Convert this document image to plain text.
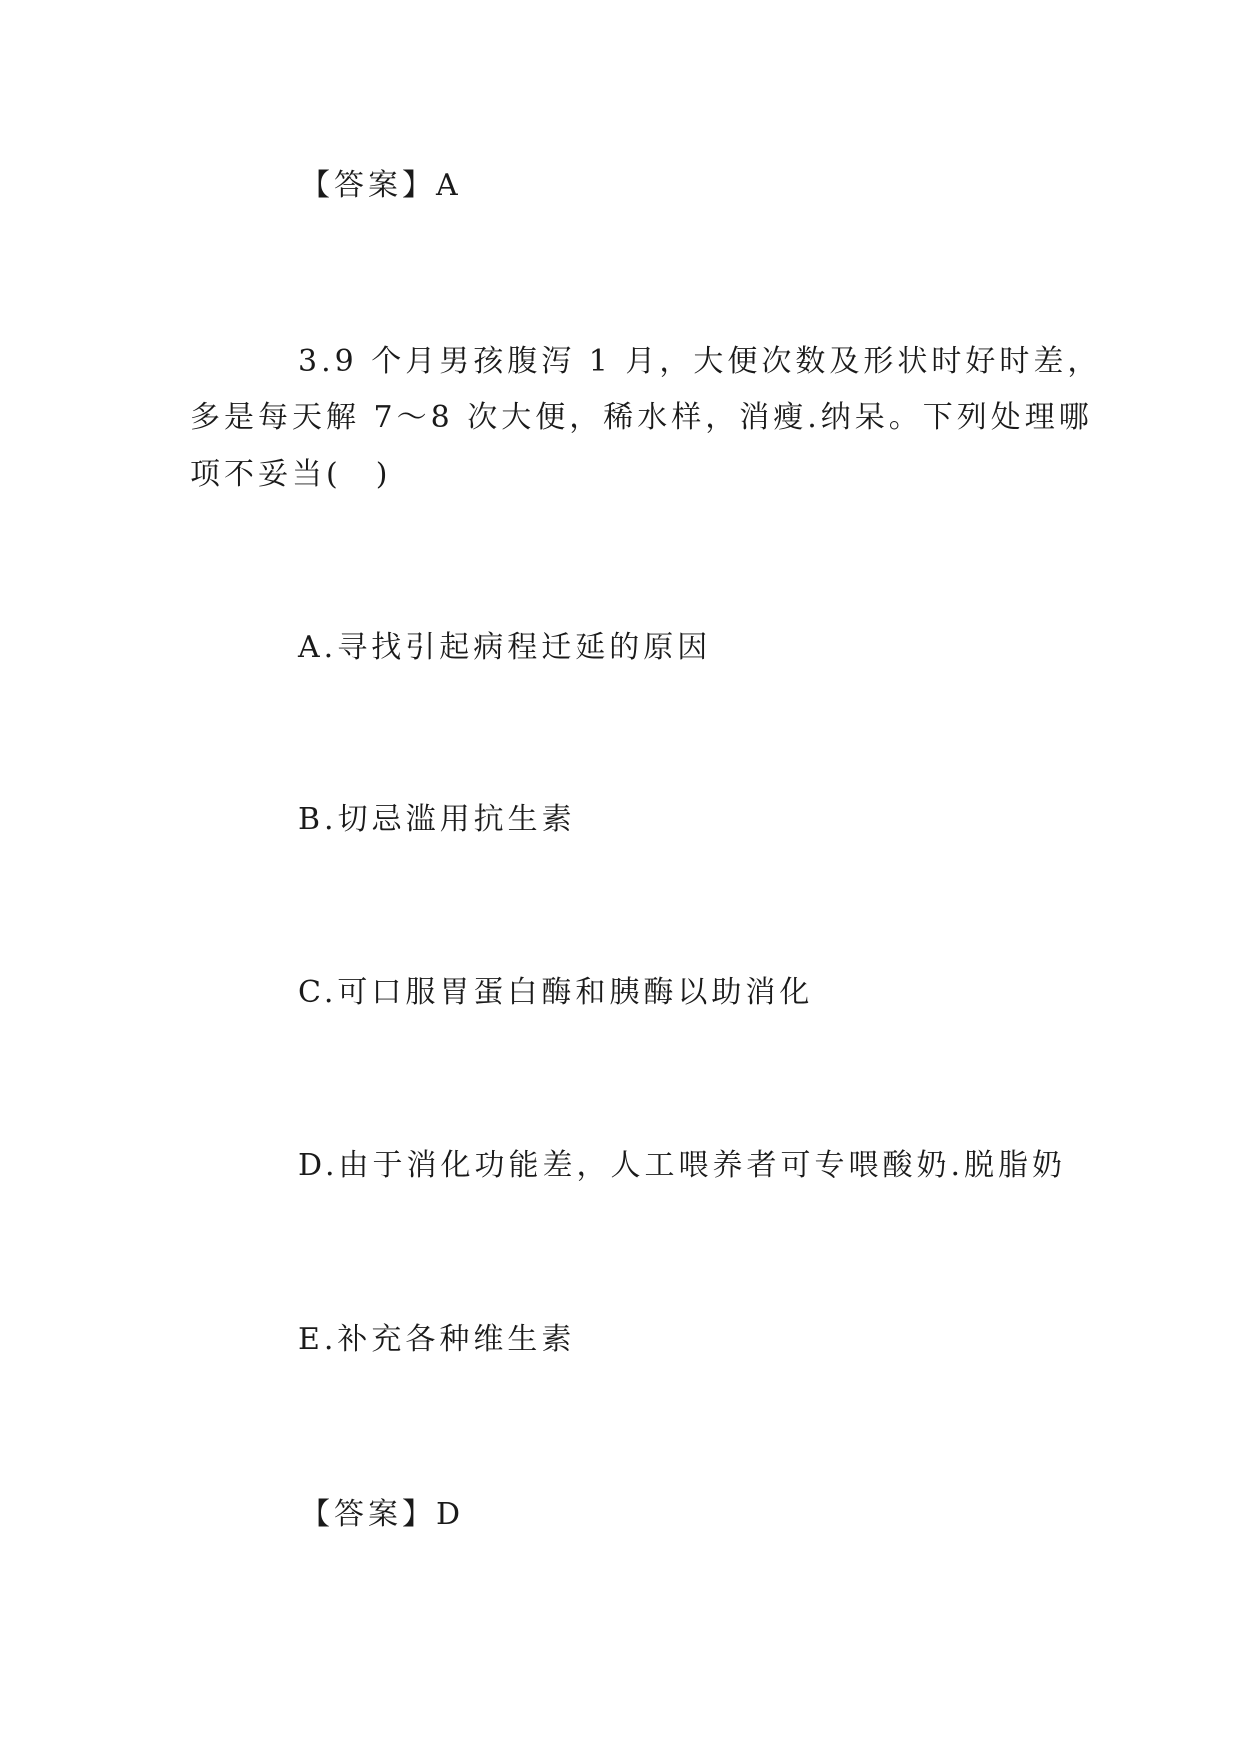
【答案】A
3.9 个月男孩腹泻 1 月，大便次数及形状时好时差，
多是每天解 7～8 次大便，稀水样，消瘦.纳呆。下列处理哪
项不妥当(　)
A.寻找引起病程迁延的原因
B.切忌滥用抗生素
C.可口服胃蛋白酶和胰酶以助消化
D.由于消化功能差，人工喂养者可专喂酸奶.脱脂奶
E.补充各种维生素
【答案】D
